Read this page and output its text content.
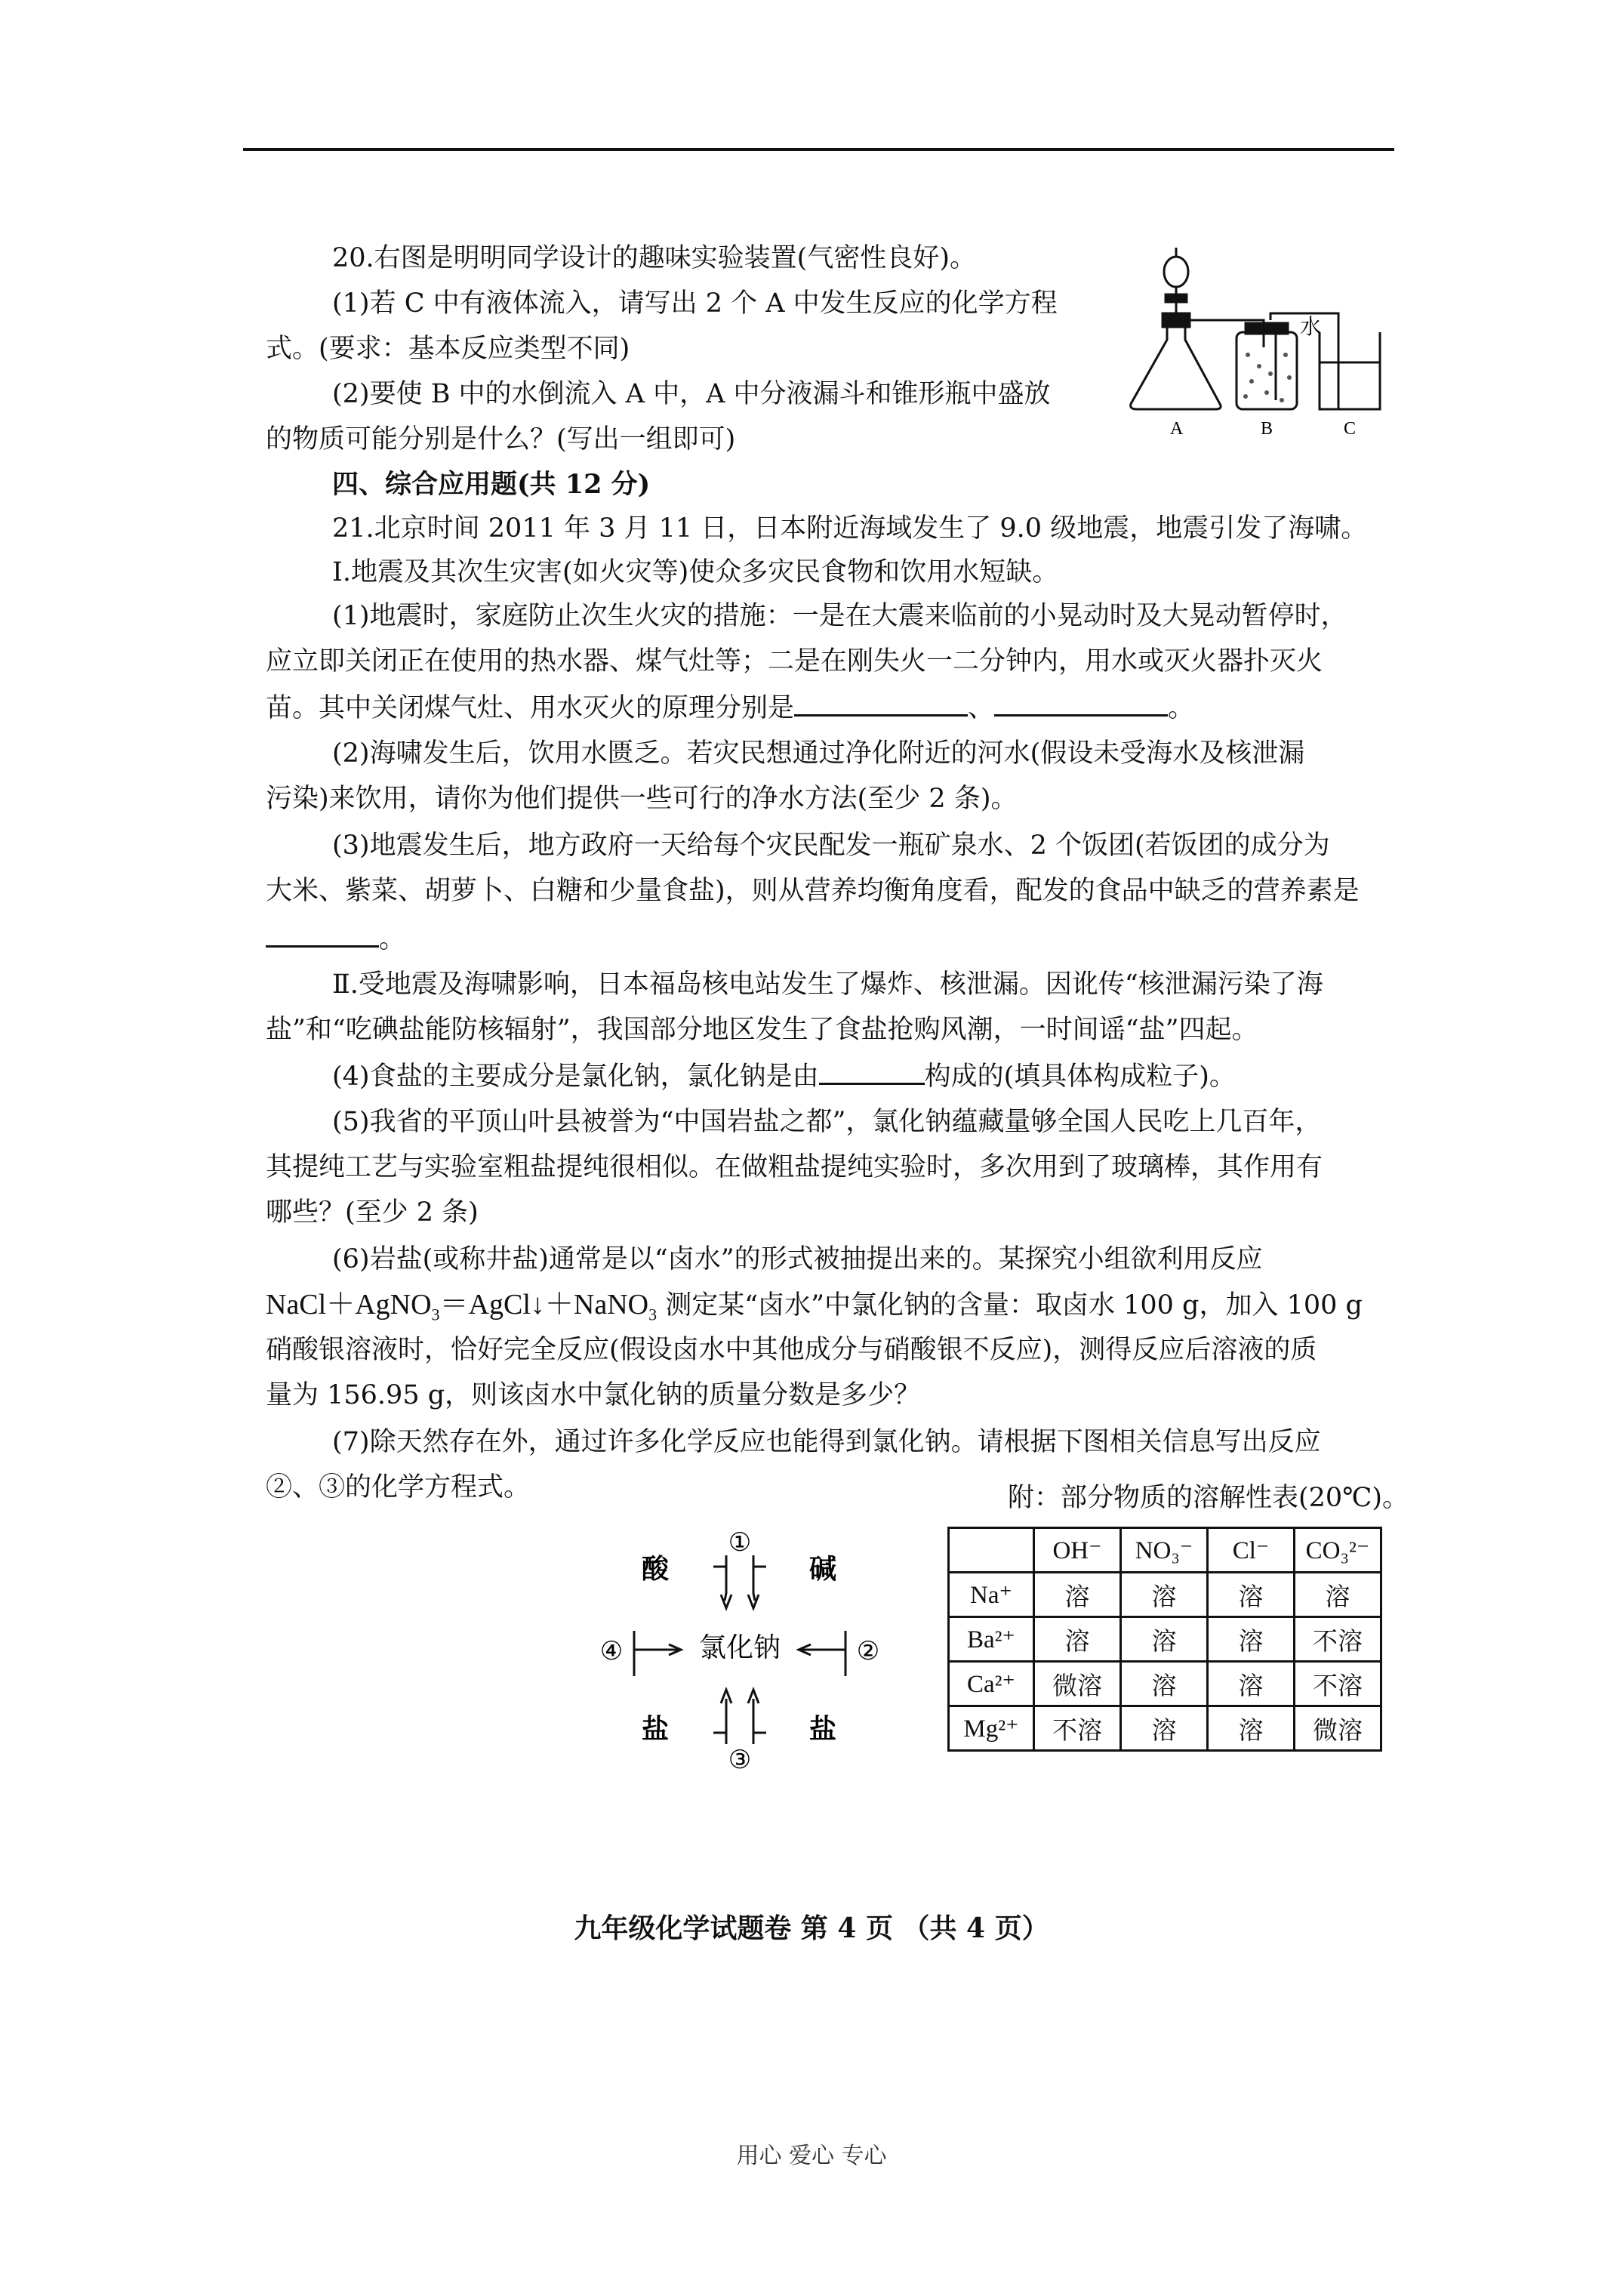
20.右图是明明同学设计的趣味实验装置(气密性良好)。
(1)若 C 中有液体流入，请写出 2 个 A 中发生反应的化学方程
式。(要求：基本反应类型不同)
(2)要使 B 中的水倒流入 A 中，A 中分液漏斗和锥形瓶中盛放
的物质可能分别是什么？(写出一组即可)	A	B	C
水
四、综合应用题(共 12 分)
21.北京时间 2011 年 3 月 11 日，日本附近海域发生了 9.0 级地震，地震引发了海啸。
Ⅰ.地震及其次生灾害(如火灾等)使众多灾民食物和饮用水短缺。
(1)地震时，家庭防止次生火灾的措施：一是在大震来临前的小晃动时及大晃动暂停时，
应立即关闭正在使用的热水器、煤气灶等；二是在刚失火一二分钟内，用水或灭火器扑灭火
苗。其中关闭煤气灶、用水灭火的原理分别是	、	。
(2)海啸发生后，饮用水匮乏。若灾民想通过净化附近的河水(假设未受海水及核泄漏
污染)来饮用，请你为他们提供一些可行的净水方法(至少 2 条)。
(3)地震发生后，地方政府一天给每个灾民配发一瓶矿泉水、2 个饭团(若饭团的成分为
大米、紫菜、胡萝卜、白糖和少量食盐)，则从营养均衡角度看，配发的食品中缺乏的营养素是
。
Ⅱ.受地震及海啸影响，日本福岛核电站发生了爆炸、核泄漏。因讹传“核泄漏污染了海
盐”和“吃碘盐能防核辐射”，我国部分地区发生了食盐抢购风潮，一时间谣“盐”四起。
(4)食盐的主要成分是氯化钠，氯化钠是由	构成的(填具体构成粒子)。
(5)我省的平顶山叶县被誉为“中国岩盐之都”，氯化钠蕴藏量够全国人民吃上几百年，
其提纯工艺与实验室粗盐提纯很相似。在做粗盐提纯实验时，多次用到了玻璃棒，其作用有
哪些？(至少 2 条)
(6)岩盐(或称井盐)通常是以“卤水”的形式被抽提出来的。某探究小组欲利用反应
NaCl＋AgNO$_3$＝AgCl↓＋NaNO$_3$ 测定某“卤水”中氯化钠的含量：取卤水 100 g，加入 100 g
硝酸银溶液时，恰好完全反应(假设卤水中其他成分与硝酸银不反应)，测得反应后溶液的质
量为 156.95 g，则该卤水中氯化钠的质量分数是多少？
(7)除天然存在外，通过许多化学反应也能得到氯化钠。请根据下图相关信息写出反应
②、③的化学方程式。	附：部分物质的溶解性表(20℃)。
氯化钠
酸	碱
盐	盐
①
②
③
④
	OH⁻	NO₃⁻	Cl⁻	CO₃²⁻
Na⁺	溶	溶	溶	溶
Ba²⁺	溶	溶	溶	不溶
Ca²⁺	微溶	溶	溶	不溶
Mg²⁺	不溶	溶	溶	微溶
九年级化学试题卷 第 4 页 （共 4 页）
用心 爱心 专心
